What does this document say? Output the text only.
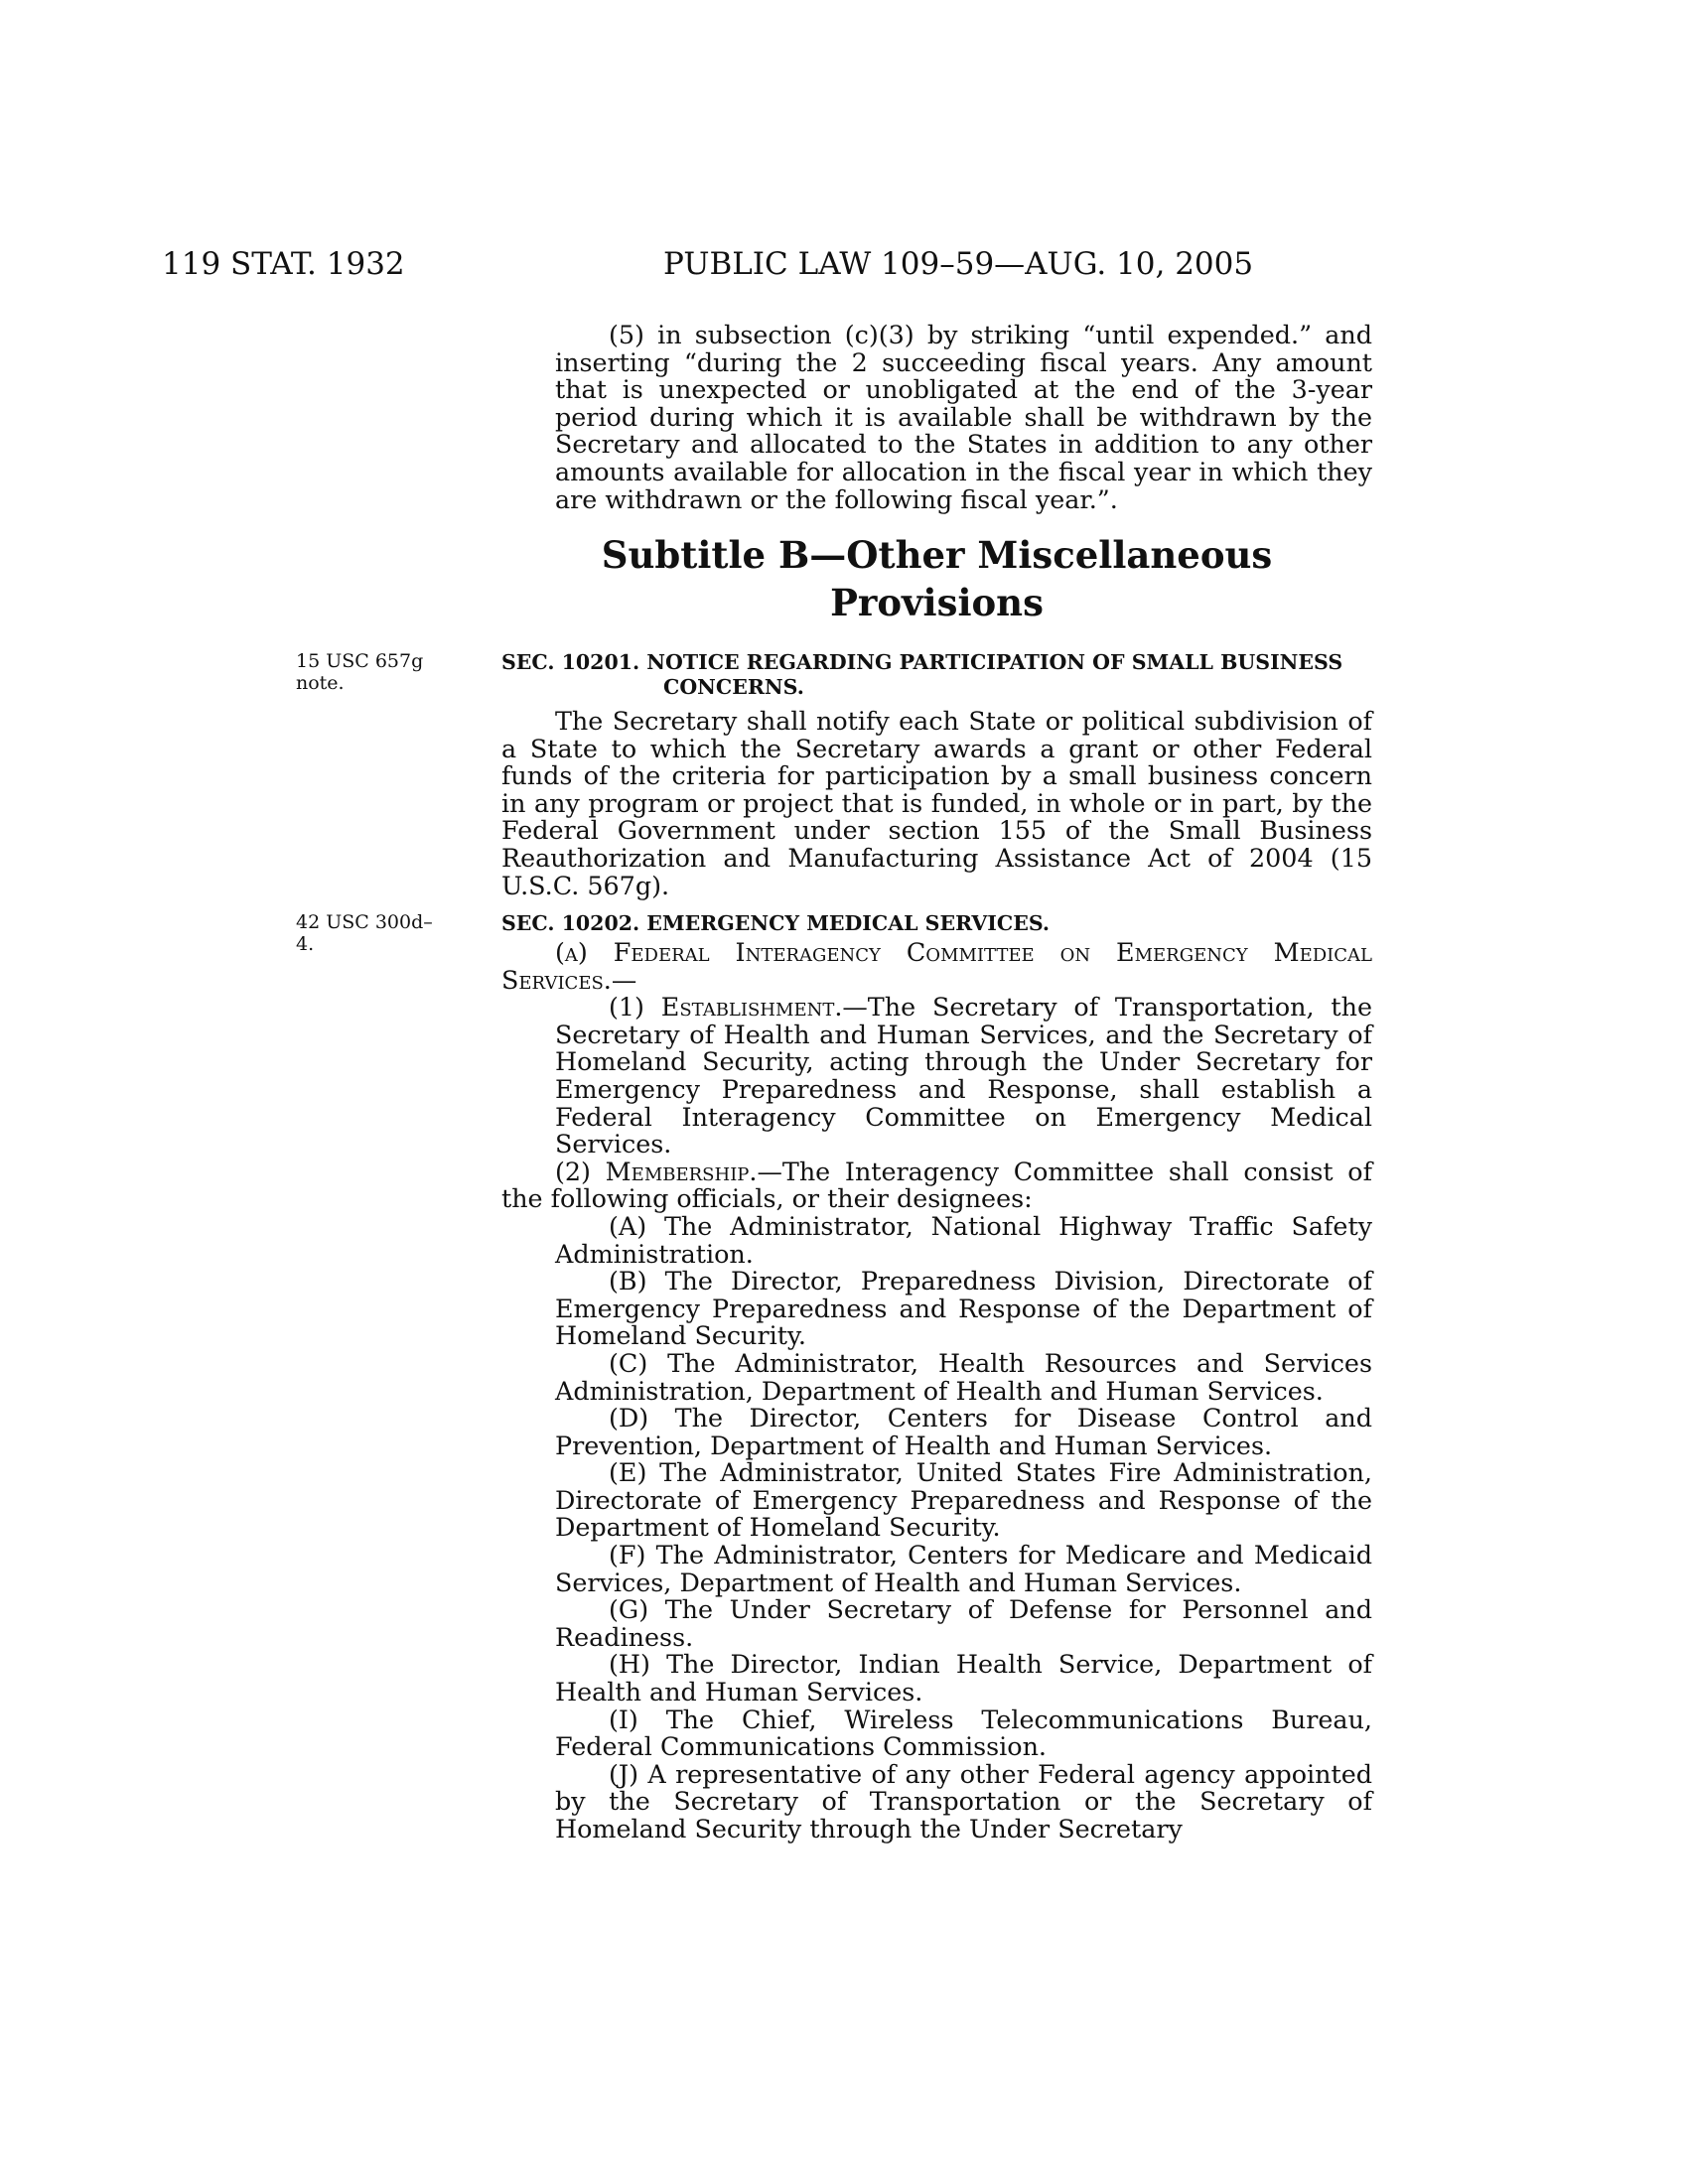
119 STAT. 1932	PUBLIC LAW 109–59—AUG. 10, 2005

(5) in subsection (c)(3) by striking “until expended.” and inserting “during the 2 succeeding fiscal years. Any amount that is unexpected or unobligated at the end of the 3-year period during which it is available shall be withdrawn by the Secretary and allocated to the States in addition to any other amounts available for allocation in the fiscal year in which they are withdrawn or the following fiscal year.”.

Subtitle B—Other Miscellaneous
Provisions
15 USC 657g
note.
SEC. 10201. NOTICE REGARDING PARTICIPATION OF SMALL BUSINESS
CONCERNS.

The Secretary shall notify each State or political subdivision of a State to which the Secretary awards a grant or other Federal funds of the criteria for participation by a small business concern in any program or project that is funded, in whole or in part, by the Federal Government under section 155 of the Small Business Reauthorization and Manufacturing Assistance Act of 2004 (15 U.S.C. 567g).

42 USC 300d–4.
SEC. 10202. EMERGENCY MEDICAL SERVICES.

(a) Federal Interagency Committee on Emergency Medical Services.—

(1) Establishment.—The Secretary of Transportation, the Secretary of Health and Human Services, and the Secretary of Homeland Security, acting through the Under Secretary for Emergency Preparedness and Response, shall establish a Federal Interagency Committee on Emergency Medical Services.

(2) Membership.—The Interagency Committee shall consist of the following officials, or their designees:

(A) The Administrator, National Highway Traffic Safety Administration.

(B) The Director, Preparedness Division, Directorate of Emergency Preparedness and Response of the Department of Homeland Security.

(C) The Administrator, Health Resources and Services Administration, Department of Health and Human Services.

(D) The Director, Centers for Disease Control and Prevention, Department of Health and Human Services.

(E) The Administrator, United States Fire Administration, Directorate of Emergency Preparedness and Response of the Department of Homeland Security.

(F) The Administrator, Centers for Medicare and Medicaid Services, Department of Health and Human Services.

(G) The Under Secretary of Defense for Personnel and Readiness.

(H) The Director, Indian Health Service, Department of Health and Human Services.

(I) The Chief, Wireless Telecommunications Bureau, Federal Communications Commission.

(J) A representative of any other Federal agency appointed by the Secretary of Transportation or the Secretary of Homeland Security through the Under Secretary
